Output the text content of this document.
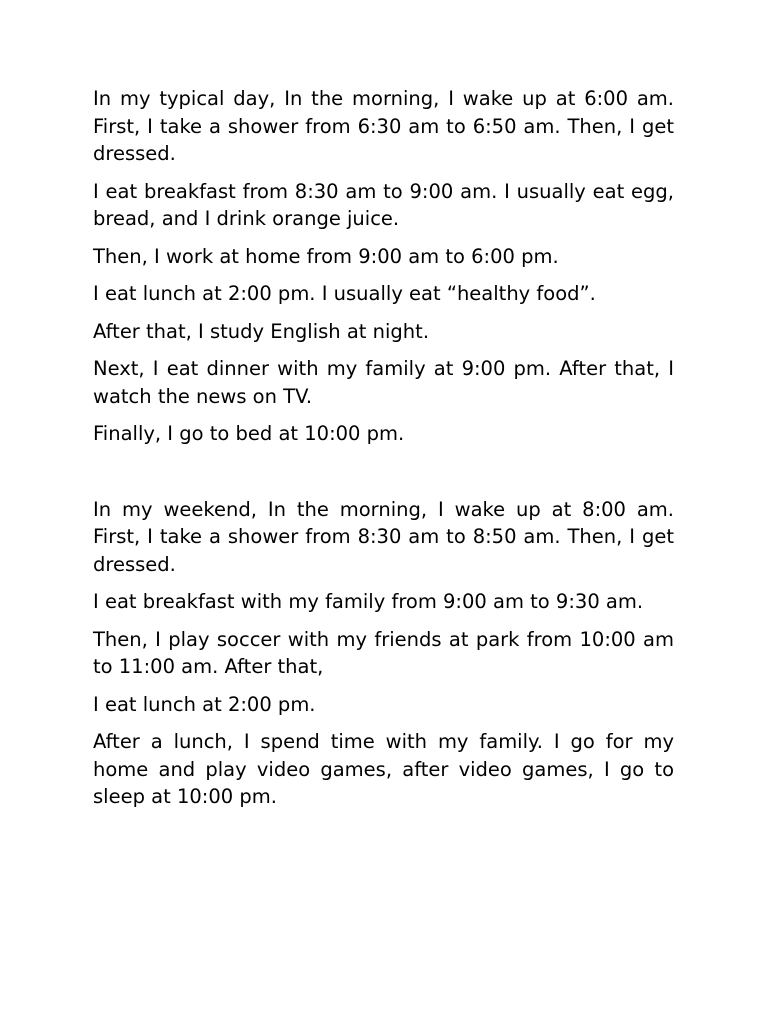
In my typical day, In the morning, I wake up at 6:00 am. First, I take a shower from 6:30 am to 6:50 am. Then, I get dressed.

I eat breakfast from 8:30 am to 9:00 am. I usually eat egg, bread, and I drink orange juice.

Then, I work at home from 9:00 am to 6:00 pm.

I eat lunch at 2:00 pm. I usually eat “healthy food”.

After that, I study English at night.

Next, I eat dinner with my family at 9:00 pm. After that, I watch the news on TV.

Finally, I go to bed at 10:00 pm.

In my weekend, In the morning, I wake up at 8:00 am. First, I take a shower from 8:30 am to 8:50 am. Then, I get dressed.

I eat breakfast with my family from 9:00 am to 9:30 am.

Then, I play soccer with my friends at park from 10:00 am to 11:00 am. After that,

I eat lunch at 2:00 pm.

After a lunch, I spend time with my family. I go for my home and play video games, after video games, I go to sleep at 10:00 pm.
